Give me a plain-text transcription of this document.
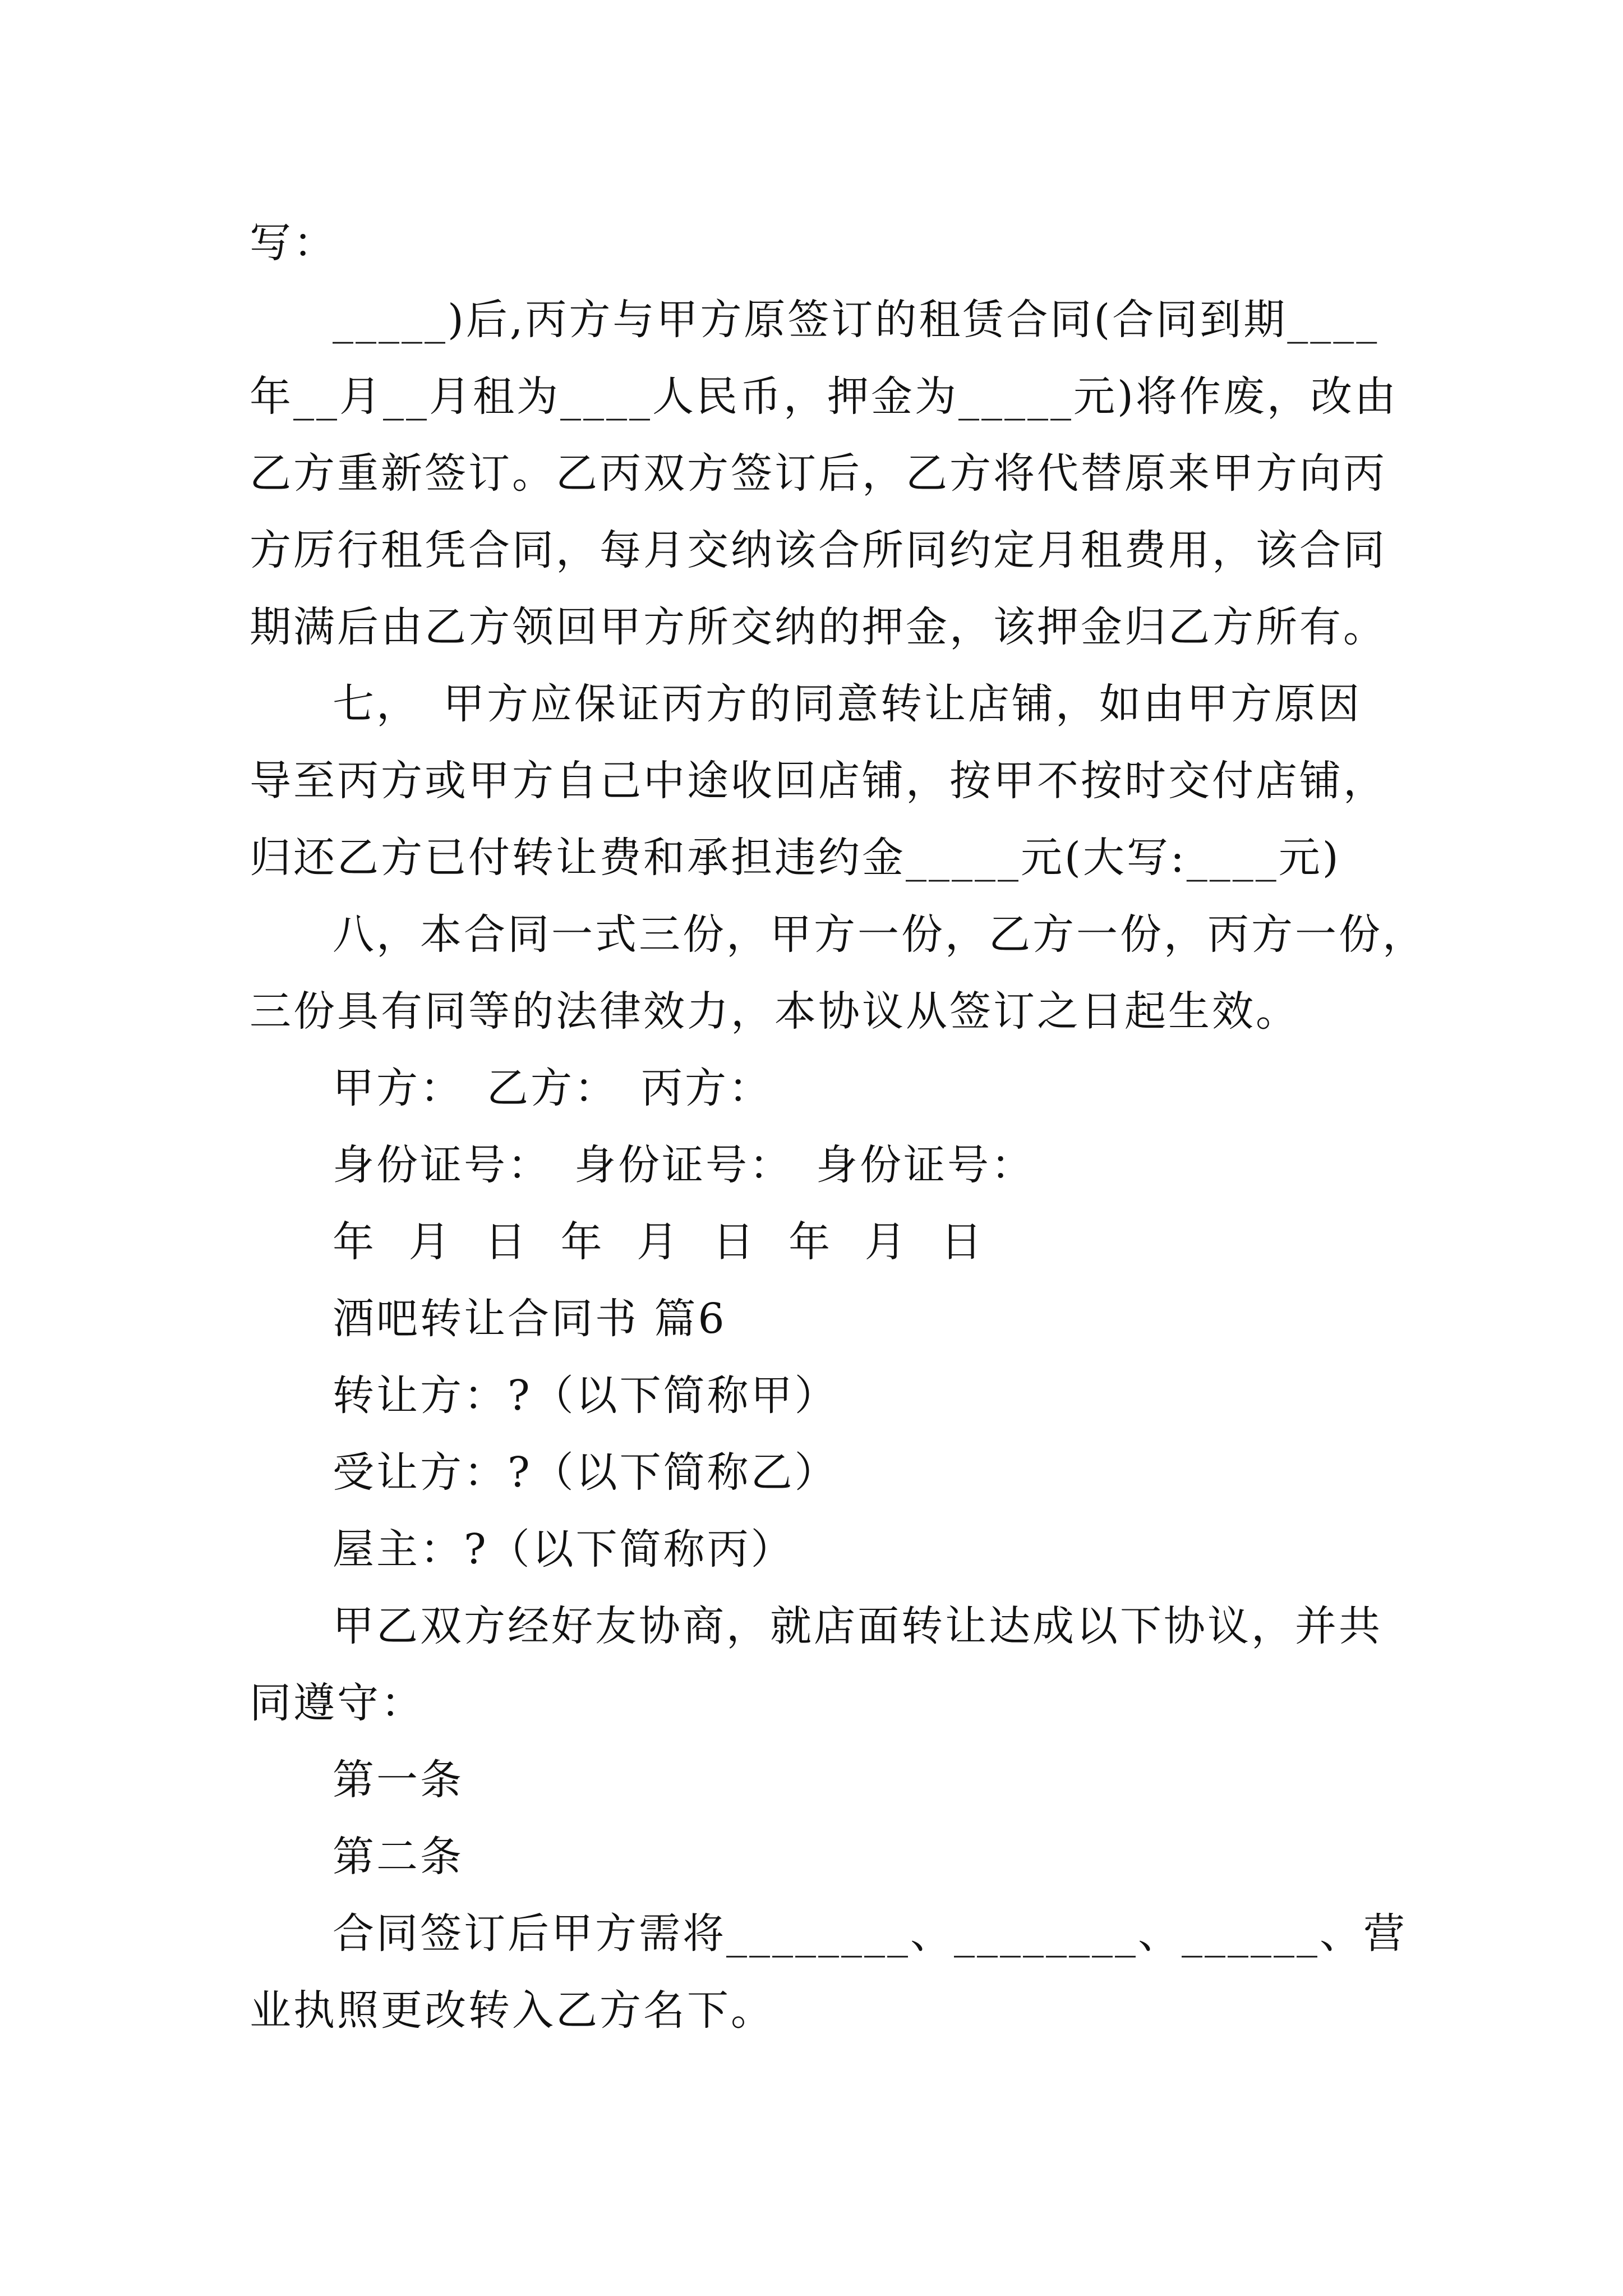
写：
_____)后,丙方与甲方原签订的租赁合同(合同到期____
年__月__月租为____人民币，押金为_____元)将作废，改由
乙方重新签订。乙丙双方签订后，乙方将代替原来甲方向丙
方厉行租凭合同，每月交纳该合所同约定月租费用，该合同
期满后由乙方领回甲方所交纳的押金，该押金归乙方所有。
七，　甲方应保证丙方的同意转让店铺，如由甲方原因
导至丙方或甲方自己中途收回店铺，按甲不按时交付店铺，
归还乙方已付转让费和承担违约金_____元(大写:____元)
八，本合同一式三份，甲方一份，乙方一份，丙方一份，
三份具有同等的法律效力，本协议从签订之日起生效。
甲方：　乙方：　丙方：
身份证号：　身份证号：　身份证号：
年 月 日 年 月 日 年 月 日
酒吧转让合同书 篇6
转让方：?（以下简称甲）
受让方：?（以下简称乙）
屋主：?（以下简称丙）
甲乙双方经好友协商，就店面转让达成以下协议，并共
同遵守：
第一条
第二条
合同签订后甲方需将________、________、______、营
业执照更改转入乙方名下。
